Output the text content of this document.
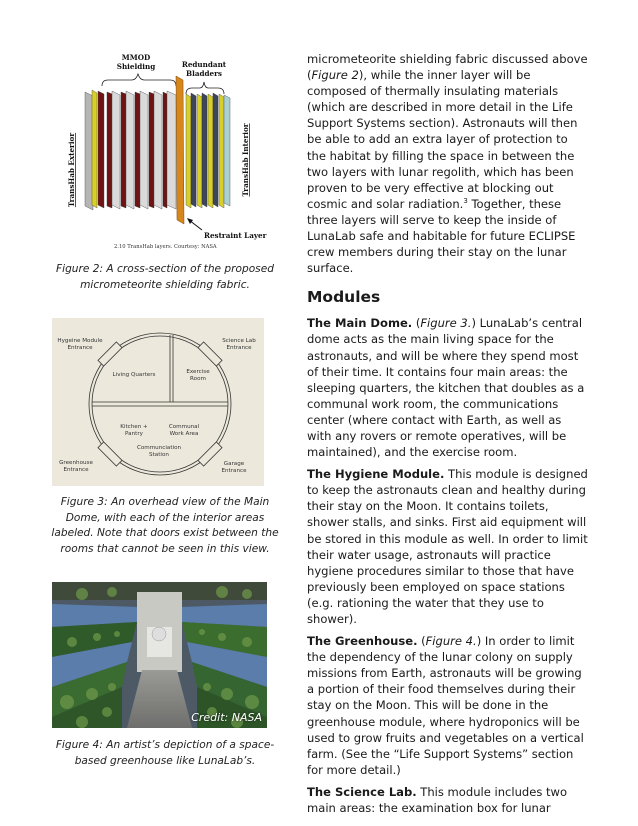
MMOD
Shielding	Redundant
Bladders
TransHab Exterior	TransHab Interior
Restraint Layer
2.10 TransHab layers. Courtesy: NASA
Figure 2: A cross-section of the proposed micrometeorite shielding fabric.
Hygeine Module
Entrance
Science Lab
Entrance
Living Quarters	Exercise
Room
Kitchen +
Pantry
Communal
Work Area
Communciation
Station
Greenhouse
Entrance
Garage
Entrance
Figure 3: An overhead view of the Main Dome, with each of the interior areas labeled. Note that doors exist between the rooms that cannot be seen in this view.
Credit: NASA
Figure 4: An artist’s depiction of a space-based greenhouse like LunaLab’s.

micrometeorite shielding fabric discussed above (Figure 2), while the inner layer will be composed of thermally insulating materials (which are described in more detail in the Life Support Systems section). Astronauts will then be able to add an extra layer of protection to the habitat by filling the space in between the two layers with lunar regolith, which has been proven to be very effective at blocking out cosmic and solar radiation.$^3$ Together, these three layers will serve to keep the inside of LunaLab safe and habitable for future ECLIPSE crew members during their stay on the lunar surface.

Modules

The Main Dome. (Figure 3.) LunaLab’s central dome acts as the main living space for the astronauts, and will be where they spend most of their time. It contains four main areas: the sleeping quarters, the kitchen that doubles as a communal work room, the communications center (where contact with Earth, as well as with any rovers or remote operatives, will be maintained), and the exercise room.

The Hygiene Module. This module is designed to keep the astronauts clean and healthy during their stay on the Moon. It contains toilets, shower stalls, and sinks. First aid equipment will be stored in this module as well. In order to limit their water usage, astronauts will practice hygiene procedures similar to those that have previously been employed on space stations (e.g. rationing the water that they use to shower).

The Greenhouse. (Figure 4.) In order to limit the dependency of the lunar colony on supply missions from Earth, astronauts will be growing a portion of their food themselves during their stay on the Moon. This will be done in the greenhouse module, where hydroponics will be used to grow fruits and vegetables on a vertical farm. (See the “Life Support Systems” section for more detail.)

The Science Lab. This module includes two main areas: the examination box for lunar
